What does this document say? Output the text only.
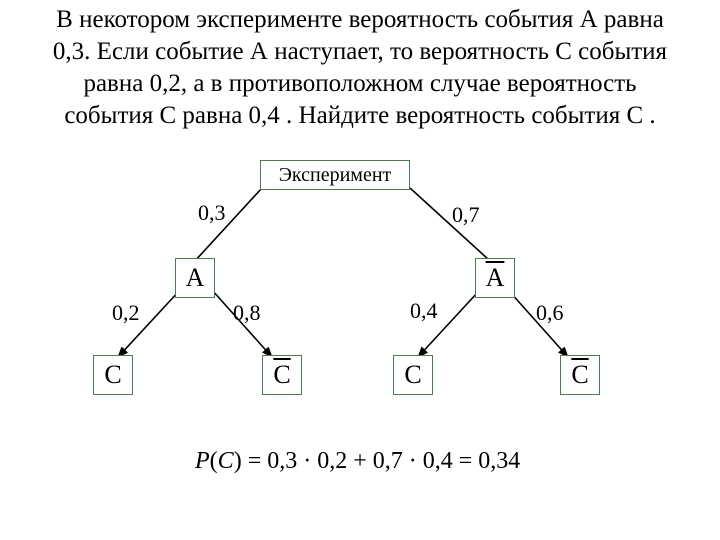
В некотором эксперименте вероятность события А равна
0,3. Если событие А наступает, то вероятность С события
равна 0,2, а в противоположном случае вероятность
события С равна 0,4 . Найдите вероятность события С .
Эксперимент
0,3	0,7
A	$\overline{A}$
0,2	0,8	0,4	0,6
C	$\overline{C}$	C	$\overline{C}$
P(C) = 0,3 · 0,2 + 0,7 · 0,4 = 0,34
